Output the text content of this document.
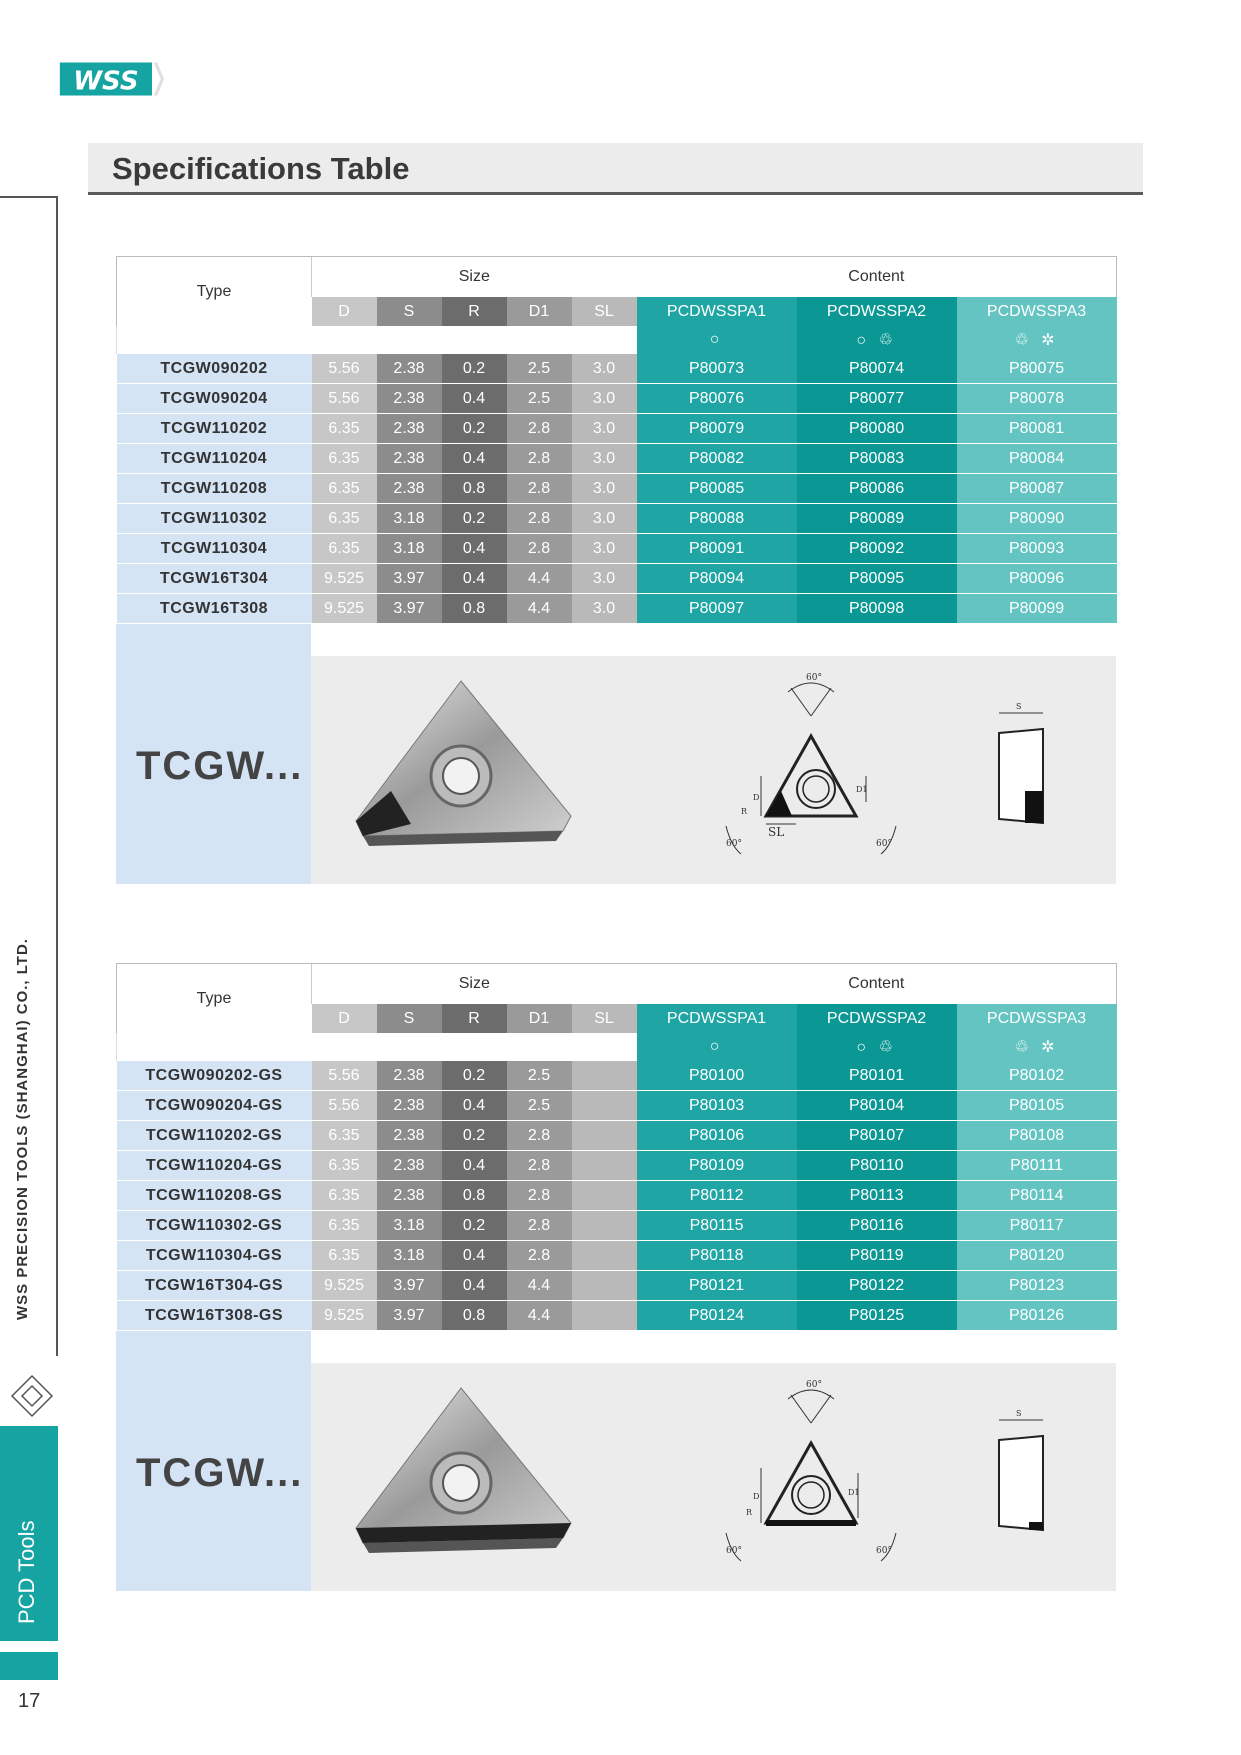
WSS
Specifications Table
WSS PRECISION TOOLS (SHANGHAI) CO., LTD.
PCD Tools
17
Type	Size					Content		
	D	S	R	D1	SL	PCDWSSPA1	PCDWSSPA2	PCDWSSPA3
						○	○ ♲	♲ ✲
TCGW090202	5.56	2.38	0.2	2.5	3.0	P80073	P80074	P80075
TCGW090204	5.56	2.38	0.4	2.5	3.0	P80076	P80077	P80078
TCGW110202	6.35	2.38	0.2	2.8	3.0	P80079	P80080	P80081
TCGW110204	6.35	2.38	0.4	2.8	3.0	P80082	P80083	P80084
TCGW110208	6.35	2.38	0.8	2.8	3.0	P80085	P80086	P80087
TCGW110302	6.35	3.18	0.2	2.8	3.0	P80088	P80089	P80090
TCGW110304	6.35	3.18	0.4	2.8	3.0	P80091	P80092	P80093
TCGW16T304	9.525	3.97	0.4	4.4	3.0	P80094	P80095	P80096
TCGW16T308	9.525	3.97	0.8	4.4	3.0	P80097	P80098	P80099
TCGW...
60°
D
D1
R
SL
60°	60°
S
Type	Size					Content		
	D	S	R	D1	SL	PCDWSSPA1	PCDWSSPA2	PCDWSSPA3
						○	○ ♲	♲ ✲
TCGW090202-GS	5.56	2.38	0.2	2.5		P80100	P80101	P80102
TCGW090204-GS	5.56	2.38	0.4	2.5		P80103	P80104	P80105
TCGW110202-GS	6.35	2.38	0.2	2.8		P80106	P80107	P80108
TCGW110204-GS	6.35	2.38	0.4	2.8		P80109	P80110	P80111
TCGW110208-GS	6.35	2.38	0.8	2.8		P80112	P80113	P80114
TCGW110302-GS	6.35	3.18	0.2	2.8		P80115	P80116	P80117
TCGW110304-GS	6.35	3.18	0.4	2.8		P80118	P80119	P80120
TCGW16T304-GS	9.525	3.97	0.4	4.4		P80121	P80122	P80123
TCGW16T308-GS	9.525	3.97	0.8	4.4		P80124	P80125	P80126
TCGW...
60°
D	D1
R
60°	60°
S
